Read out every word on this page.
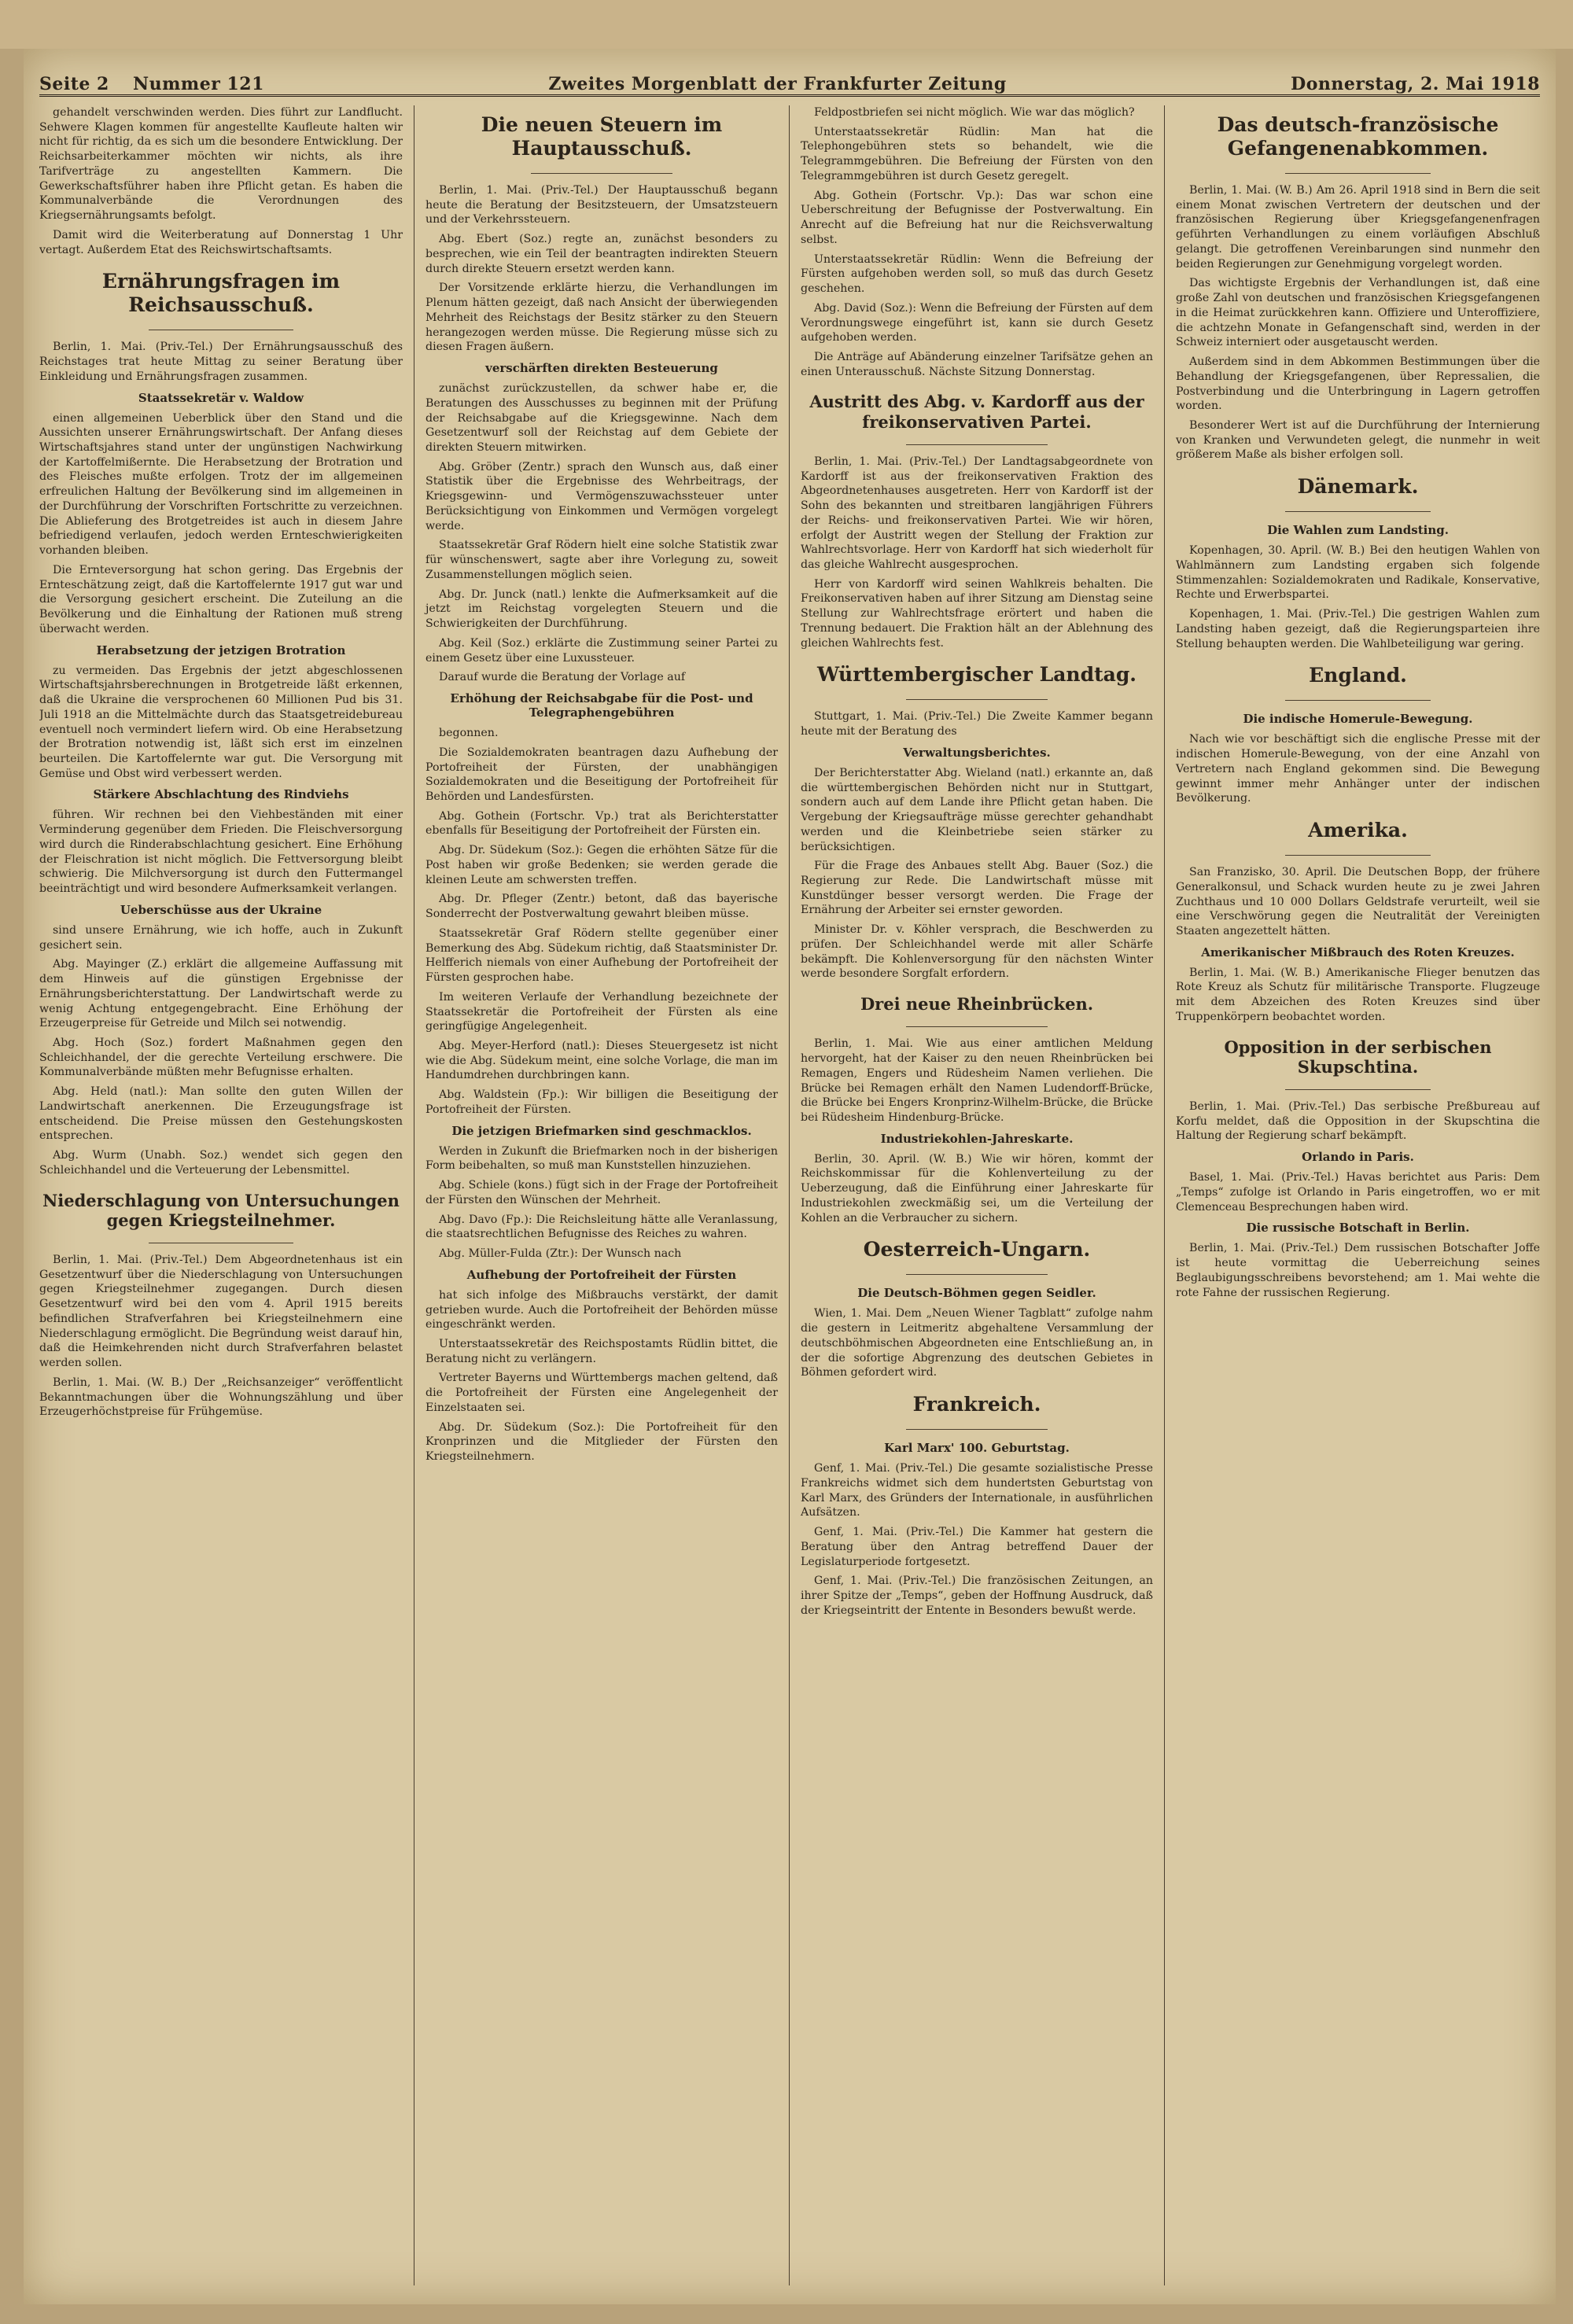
Seite 2 Nummer 121	Zweites Morgenblatt der Frankfurter Zeitung	Donnerstag, 2. Mai 1918

gehandelt verschwinden werden. Dies führt zur Landflucht. Sehwere Klagen kommen für angestellte Kaufleute halten wir nicht für richtig, da es sich um die besondere Entwicklung. Der Reichsarbeiterkammer möchten wir nichts, als ihre Tarifverträge zu angestellten Kammern. Die Gewerkschaftsführer haben ihre Pflicht getan. Es haben die Kommunalverbände die Verordnungen des Kriegsernährungsamts befolgt.

Damit wird die Weiterberatung auf Donnerstag 1 Uhr vertagt. Außerdem Etat des Reichswirtschaftsamts.

Ernährungsfragen im Reichsausschuß.

Berlin, 1. Mai. (Priv.-Tel.) Der Ernährungsausschuß des Reichstages trat heute Mittag zu seiner Beratung über Einkleidung und Ernährungsfragen zusammen.

Staatssekretär v. Waldow

einen allgemeinen Ueberblick über den Stand und die Aussichten unserer Ernährungswirtschaft. Der Anfang dieses Wirtschaftsjahres stand unter der ungünstigen Nachwirkung der Kartoffelmißernte. Die Herabsetzung der Brotration und des Fleisches mußte erfolgen. Trotz der im allgemeinen erfreulichen Haltung der Bevölkerung sind im allgemeinen in der Durchführung der Vorschriften Fortschritte zu verzeichnen. Die Ablieferung des Brotgetreides ist auch in diesem Jahre befriedigend verlaufen, jedoch werden Ernteschwierigkeiten vorhanden bleiben.

Die Ernteversorgung hat schon gering. Das Ergebnis der Ernteschätzung zeigt, daß die Kartoffelernte 1917 gut war und die Versorgung gesichert erscheint. Die Zuteilung an die Bevölkerung und die Einhaltung der Rationen muß streng überwacht werden.

Herabsetzung der jetzigen Brotration

zu vermeiden. Das Ergebnis der jetzt abgeschlossenen Wirtschaftsjahrsberechnungen in Brotgetreide läßt erkennen, daß die Ukraine die versprochenen 60 Millionen Pud bis 31. Juli 1918 an die Mittelmächte durch das Staatsgetreidebureau eventuell noch vermindert liefern wird. Ob eine Herabsetzung der Brotration notwendig ist, läßt sich erst im einzelnen beurteilen. Die Kartoffelernte war gut. Die Versorgung mit Gemüse und Obst wird verbessert werden.

Stärkere Abschlachtung des Rindviehs

führen. Wir rechnen bei den Viehbeständen mit einer Verminderung gegenüber dem Frieden. Die Fleischversorgung wird durch die Rinderabschlachtung gesichert. Eine Erhöhung der Fleischration ist nicht möglich. Die Fettversorgung bleibt schwierig. Die Milchversorgung ist durch den Futtermangel beeinträchtigt und wird besondere Aufmerksamkeit verlangen.

Ueberschüsse aus der Ukraine

sind unsere Ernährung, wie ich hoffe, auch in Zukunft gesichert sein.

Abg. Mayinger (Z.) erklärt die allgemeine Auffassung mit dem Hinweis auf die günstigen Ergebnisse der Ernährungsberichterstattung. Der Landwirtschaft werde zu wenig Achtung entgegengebracht. Eine Erhöhung der Erzeugerpreise für Getreide und Milch sei notwendig.

Abg. Hoch (Soz.) fordert Maßnahmen gegen den Schleichhandel, der die gerechte Verteilung erschwere. Die Kommunalverbände müßten mehr Befugnisse erhalten.

Abg. Held (natl.): Man sollte den guten Willen der Landwirtschaft anerkennen. Die Erzeugungsfrage ist entscheidend. Die Preise müssen den Gestehungskosten entsprechen.

Abg. Wurm (Unabh. Soz.) wendet sich gegen den Schleichhandel und die Verteuerung der Lebensmittel.

Niederschlagung von Untersuchungen gegen Kriegsteilnehmer.

Berlin, 1. Mai. (Priv.-Tel.) Dem Abgeordnetenhaus ist ein Gesetzentwurf über die Niederschlagung von Untersuchungen gegen Kriegsteilnehmer zugegangen. Durch diesen Gesetzentwurf wird bei den vom 4. April 1915 bereits befindlichen Strafverfahren bei Kriegsteilnehmern eine Niederschlagung ermöglicht. Die Begründung weist darauf hin, daß die Heimkehrenden nicht durch Strafverfahren belastet werden sollen.

Berlin, 1. Mai. (W. B.) Der „Reichsanzeiger“ veröffentlicht Bekanntmachungen über die Wohnungszählung und über Erzeugerhöchstpreise für Frühgemüse.

Die neuen Steuern im Hauptausschuß.

Berlin, 1. Mai. (Priv.-Tel.) Der Hauptausschuß begann heute die Beratung der Besitzsteuern, der Umsatzsteuern und der Verkehrssteuern.

Abg. Ebert (Soz.) regte an, zunächst besonders zu besprechen, wie ein Teil der beantragten indirekten Steuern durch direkte Steuern ersetzt werden kann.

Der Vorsitzende erklärte hierzu, die Verhandlungen im Plenum hätten gezeigt, daß nach Ansicht der überwiegenden Mehrheit des Reichstags der Besitz stärker zu den Steuern herangezogen werden müsse. Die Regierung müsse sich zu diesen Fragen äußern.

verschärften direkten Besteuerung

zunächst zurückzustellen, da schwer habe er, die Beratungen des Ausschusses zu beginnen mit der Prüfung der Reichsabgabe auf die Kriegsgewinne. Nach dem Gesetzentwurf soll der Reichstag auf dem Gebiete der direkten Steuern mitwirken.

Abg. Gröber (Zentr.) sprach den Wunsch aus, daß einer Statistik über die Ergebnisse des Wehrbeitrags, der Kriegsgewinn- und Vermögenszuwachssteuer unter Berücksichtigung von Einkommen und Vermögen vorgelegt werde.

Staatssekretär Graf Rödern hielt eine solche Statistik zwar für wünschenswert, sagte aber ihre Vorlegung zu, soweit Zusammenstellungen möglich seien.

Abg. Dr. Junck (natl.) lenkte die Aufmerksamkeit auf die jetzt im Reichstag vorgelegten Steuern und die Schwierigkeiten der Durchführung.

Abg. Keil (Soz.) erklärte die Zustimmung seiner Partei zu einem Gesetz über eine Luxussteuer.

Darauf wurde die Beratung der Vorlage auf

Erhöhung der Reichsabgabe für die Post- und Telegraphengebühren

begonnen.

Die Sozialdemokraten beantragen dazu Aufhebung der Portofreiheit der Fürsten, der unabhängigen Sozialdemokraten und die Beseitigung der Portofreiheit für Behörden und Landesfürsten.

Abg. Gothein (Fortschr. Vp.) trat als Berichterstatter ebenfalls für Beseitigung der Portofreiheit der Fürsten ein.

Abg. Dr. Südekum (Soz.): Gegen die erhöhten Sätze für die Post haben wir große Bedenken; sie werden gerade die kleinen Leute am schwersten treffen.

Abg. Dr. Pfleger (Zentr.) betont, daß das bayerische Sonderrecht der Postverwaltung gewahrt bleiben müsse.

Staatssekretär Graf Rödern stellte gegenüber einer Bemerkung des Abg. Südekum richtig, daß Staatsminister Dr. Helfferich niemals von einer Aufhebung der Portofreiheit der Fürsten gesprochen habe.

Im weiteren Verlaufe der Verhandlung bezeichnete der Staatssekretär die Portofreiheit der Fürsten als eine geringfügige Angelegenheit.

Abg. Meyer-Herford (natl.): Dieses Steuergesetz ist nicht wie die Abg. Südekum meint, eine solche Vorlage, die man im Handumdrehen durchbringen kann.

Abg. Waldstein (Fp.): Wir billigen die Beseitigung der Portofreiheit der Fürsten.

Die jetzigen Briefmarken sind geschmacklos.

Werden in Zukunft die Briefmarken noch in der bisherigen Form beibehalten, so muß man Kunststellen hinzuziehen.

Abg. Schiele (kons.) fügt sich in der Frage der Portofreiheit der Fürsten den Wünschen der Mehrheit.

Abg. Davo (Fp.): Die Reichsleitung hätte alle Veranlassung, die staatsrechtlichen Befugnisse des Reiches zu wahren.

Abg. Müller-Fulda (Ztr.): Der Wunsch nach

Aufhebung der Portofreiheit der Fürsten

hat sich infolge des Mißbrauchs verstärkt, der damit getrieben wurde. Auch die Portofreiheit der Behörden müsse eingeschränkt werden.

Unterstaatssekretär des Reichspostamts Rüdlin bittet, die Beratung nicht zu verlängern.

Vertreter Bayerns und Württembergs machen geltend, daß die Portofreiheit der Fürsten eine Angelegenheit der Einzelstaaten sei.

Abg. Dr. Südekum (Soz.): Die Portofreiheit für den Kronprinzen und die Mitglieder der Fürsten den Kriegsteilnehmern.

Feldpostbriefen sei nicht möglich. Wie war das möglich?

Unterstaatssekretär Rüdlin: Man hat die Telephongebühren stets so behandelt, wie die Telegrammgebühren. Die Befreiung der Fürsten von den Telegrammgebühren ist durch Gesetz geregelt.

Abg. Gothein (Fortschr. Vp.): Das war schon eine Ueberschreitung der Befugnisse der Postverwaltung. Ein Anrecht auf die Befreiung hat nur die Reichsverwaltung selbst.

Unterstaatssekretär Rüdlin: Wenn die Befreiung der Fürsten aufgehoben werden soll, so muß das durch Gesetz geschehen.

Abg. David (Soz.): Wenn die Befreiung der Fürsten auf dem Verordnungswege eingeführt ist, kann sie durch Gesetz aufgehoben werden.

Die Anträge auf Abänderung einzelner Tarifsätze gehen an einen Unterausschuß. Nächste Sitzung Donnerstag.

Austritt des Abg. v. Kardorff aus der freikonservativen Partei.

Berlin, 1. Mai. (Priv.-Tel.) Der Landtagsabgeordnete von Kardorff ist aus der freikonservativen Fraktion des Abgeordnetenhauses ausgetreten. Herr von Kardorff ist der Sohn des bekannten und streitbaren langjährigen Führers der Reichs- und freikonservativen Partei. Wie wir hören, erfolgt der Austritt wegen der Stellung der Fraktion zur Wahlrechtsvorlage. Herr von Kardorff hat sich wiederholt für das gleiche Wahlrecht ausgesprochen.

Herr von Kardorff wird seinen Wahlkreis behalten. Die Freikonservativen haben auf ihrer Sitzung am Dienstag seine Stellung zur Wahlrechtsfrage erörtert und haben die Trennung bedauert. Die Fraktion hält an der Ablehnung des gleichen Wahlrechts fest.

Württembergischer Landtag.

Stuttgart, 1. Mai. (Priv.-Tel.) Die Zweite Kammer begann heute mit der Beratung des

Verwaltungsberichtes.

Der Berichterstatter Abg. Wieland (natl.) erkannte an, daß die württembergischen Behörden nicht nur in Stuttgart, sondern auch auf dem Lande ihre Pflicht getan haben. Die Vergebung der Kriegsaufträge müsse gerechter gehandhabt werden und die Kleinbetriebe seien stärker zu berücksichtigen.

Für die Frage des Anbaues stellt Abg. Bauer (Soz.) die Regierung zur Rede. Die Landwirtschaft müsse mit Kunstdünger besser versorgt werden. Die Frage der Ernährung der Arbeiter sei ernster geworden.

Minister Dr. v. Köhler versprach, die Beschwerden zu prüfen. Der Schleichhandel werde mit aller Schärfe bekämpft. Die Kohlenversorgung für den nächsten Winter werde besondere Sorgfalt erfordern.

Drei neue Rheinbrücken.

Berlin, 1. Mai. Wie aus einer amtlichen Meldung hervorgeht, hat der Kaiser zu den neuen Rheinbrücken bei Remagen, Engers und Rüdesheim Namen verliehen. Die Brücke bei Remagen erhält den Namen Ludendorff-Brücke, die Brücke bei Engers Kronprinz-Wilhelm-Brücke, die Brücke bei Rüdesheim Hindenburg-Brücke.

Industriekohlen-Jahreskarte.

Berlin, 30. April. (W. B.) Wie wir hören, kommt der Reichskommissar für die Kohlenverteilung zu der Ueberzeugung, daß die Einführung einer Jahreskarte für Industriekohlen zweckmäßig sei, um die Verteilung der Kohlen an die Verbraucher zu sichern.

Oesterreich-Ungarn.
Die Deutsch-Böhmen gegen Seidler.

Wien, 1. Mai. Dem „Neuen Wiener Tagblatt“ zufolge nahm die gestern in Leitmeritz abgehaltene Versammlung der deutschböhmischen Abgeordneten eine Entschließung an, in der die sofortige Abgrenzung des deutschen Gebietes in Böhmen gefordert wird.

Frankreich.
Karl Marx' 100. Geburtstag.

Genf, 1. Mai. (Priv.-Tel.) Die gesamte sozialistische Presse Frankreichs widmet sich dem hundertsten Geburtstag von Karl Marx, des Gründers der Internationale, in ausführlichen Aufsätzen.

Genf, 1. Mai. (Priv.-Tel.) Die Kammer hat gestern die Beratung über den Antrag betreffend Dauer der Legislaturperiode fortgesetzt.

Genf, 1. Mai. (Priv.-Tel.) Die französischen Zeitungen, an ihrer Spitze der „Temps“, geben der Hoffnung Ausdruck, daß der Kriegseintritt der Entente in Besonders bewußt werde.

Das deutsch-französische Gefangenenabkommen.

Berlin, 1. Mai. (W. B.) Am 26. April 1918 sind in Bern die seit einem Monat zwischen Vertretern der deutschen und der französischen Regierung über Kriegsgefangenenfragen geführten Verhandlungen zu einem vorläufigen Abschluß gelangt. Die getroffenen Vereinbarungen sind nunmehr den beiden Regierungen zur Genehmigung vorgelegt worden.

Das wichtigste Ergebnis der Verhandlungen ist, daß eine große Zahl von deutschen und französischen Kriegsgefangenen in die Heimat zurückkehren kann. Offiziere und Unteroffiziere, die achtzehn Monate in Gefangenschaft sind, werden in der Schweiz interniert oder ausgetauscht werden.

Außerdem sind in dem Abkommen Bestimmungen über die Behandlung der Kriegsgefangenen, über Repressalien, die Postverbindung und die Unterbringung in Lagern getroffen worden.

Besonderer Wert ist auf die Durchführung der Internierung von Kranken und Verwundeten gelegt, die nunmehr in weit größerem Maße als bisher erfolgen soll.

Dänemark.
Die Wahlen zum Landsting.

Kopenhagen, 30. April. (W. B.) Bei den heutigen Wahlen von Wahlmännern zum Landsting ergaben sich folgende Stimmenzahlen: Sozialdemokraten und Radikale, Konservative, Rechte und Erwerbspartei.

Kopenhagen, 1. Mai. (Priv.-Tel.) Die gestrigen Wahlen zum Landsting haben gezeigt, daß die Regierungsparteien ihre Stellung behaupten werden. Die Wahlbeteiligung war gering.

England.
Die indische Homerule-Bewegung.

Nach wie vor beschäftigt sich die englische Presse mit der indischen Homerule-Bewegung, von der eine Anzahl von Vertretern nach England gekommen sind. Die Bewegung gewinnt immer mehr Anhänger unter der indischen Bevölkerung.

Amerika.

San Franzisko, 30. April. Die Deutschen Bopp, der frühere Generalkonsul, und Schack wurden heute zu je zwei Jahren Zuchthaus und 10 000 Dollars Geldstrafe verurteilt, weil sie eine Verschwörung gegen die Neutralität der Vereinigten Staaten angezettelt hätten.

Amerikanischer Mißbrauch des Roten Kreuzes.

Berlin, 1. Mai. (W. B.) Amerikanische Flieger benutzen das Rote Kreuz als Schutz für militärische Transporte. Flugzeuge mit dem Abzeichen des Roten Kreuzes sind über Truppenkörpern beobachtet worden.

Opposition in der serbischen Skupschtina.

Berlin, 1. Mai. (Priv.-Tel.) Das serbische Preßbureau auf Korfu meldet, daß die Opposition in der Skupschtina die Haltung der Regierung scharf bekämpft.

Orlando in Paris.

Basel, 1. Mai. (Priv.-Tel.) Havas berichtet aus Paris: Dem „Temps“ zufolge ist Orlando in Paris eingetroffen, wo er mit Clemenceau Besprechungen haben wird.

Die russische Botschaft in Berlin.

Berlin, 1. Mai. (Priv.-Tel.) Dem russischen Botschafter Joffe ist heute vormittag die Ueberreichung seines Beglaubigungsschreibens bevorstehend; am 1. Mai wehte die rote Fahne der russischen Regierung.
